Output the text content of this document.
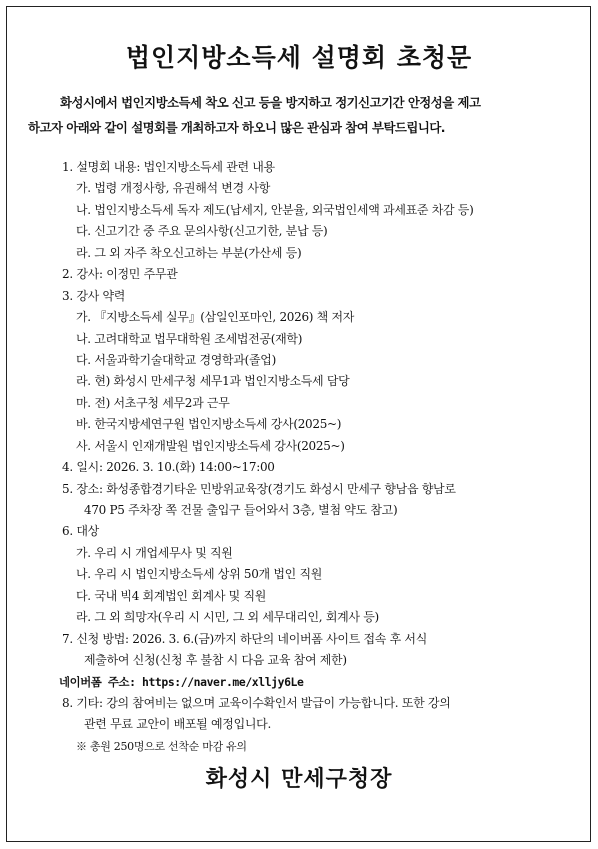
법인지방소득세 설명회 초청문
화성시에서 법인지방소득세 착오 신고 등을 방지하고 정기신고기간 안정성을 제고
하고자 아래와 같이 설명회를 개최하고자 하오니 많은 관심과 참여 부탁드립니다.
1. 설명회 내용: 법인지방소득세 관련 내용
가. 법령 개정사항, 유권해석 변경 사항
나. 법인지방소득세 독자 제도(납세지, 안분율, 외국법인세액 과세표준 차감 등)
다. 신고기간 중 주요 문의사항(신고기한, 분납 등)
라. 그 외 자주 착오신고하는 부분(가산세 등)
2. 강사: 이정민 주무관
3. 강사 약력
가. 『지방소득세 실무』(삼일인포마인, 2026) 책 저자
나. 고려대학교 법무대학원 조세법전공(재학)
다. 서울과학기술대학교 경영학과(졸업)
라. 현) 화성시 만세구청 세무1과 법인지방소득세 담당
마. 전) 서초구청 세무2과 근무
바. 한국지방세연구원 법인지방소득세 강사(2025~)
사. 서울시 인재개발원 법인지방소득세 강사(2025~)
4. 일시: 2026. 3. 10.(화) 14:00~17:00
5. 장소: 화성종합경기타운 민방위교육장(경기도 화성시 만세구 향남읍 향남로
470 P5 주차장 쪽 건물 출입구 들어와서 3층, 별첨 약도 참고)
6. 대상
가. 우리 시 개업세무사 및 직원
나. 우리 시 법인지방소득세 상위 50개 법인 직원
다. 국내 빅4 회계법인 회계사 및 직원
라. 그 외 희망자(우리 시 시민, 그 외 세무대리인, 회계사 등)
7. 신청 방법: 2026. 3. 6.(금)까지 하단의 네이버폼 사이트 접속 후 서식
제출하여 신청(신청 후 불참 시 다음 교육 참여 제한)
네이버폼 주소: https://naver.me/xlljy6Le
8. 기타: 강의 참여비는 없으며 교육이수확인서 발급이 가능합니다. 또한 강의
관련 무료 교안이 배포될 예정입니다.
※ 총원 250명으로 선착순 마감 유의
화성시 만세구청장
